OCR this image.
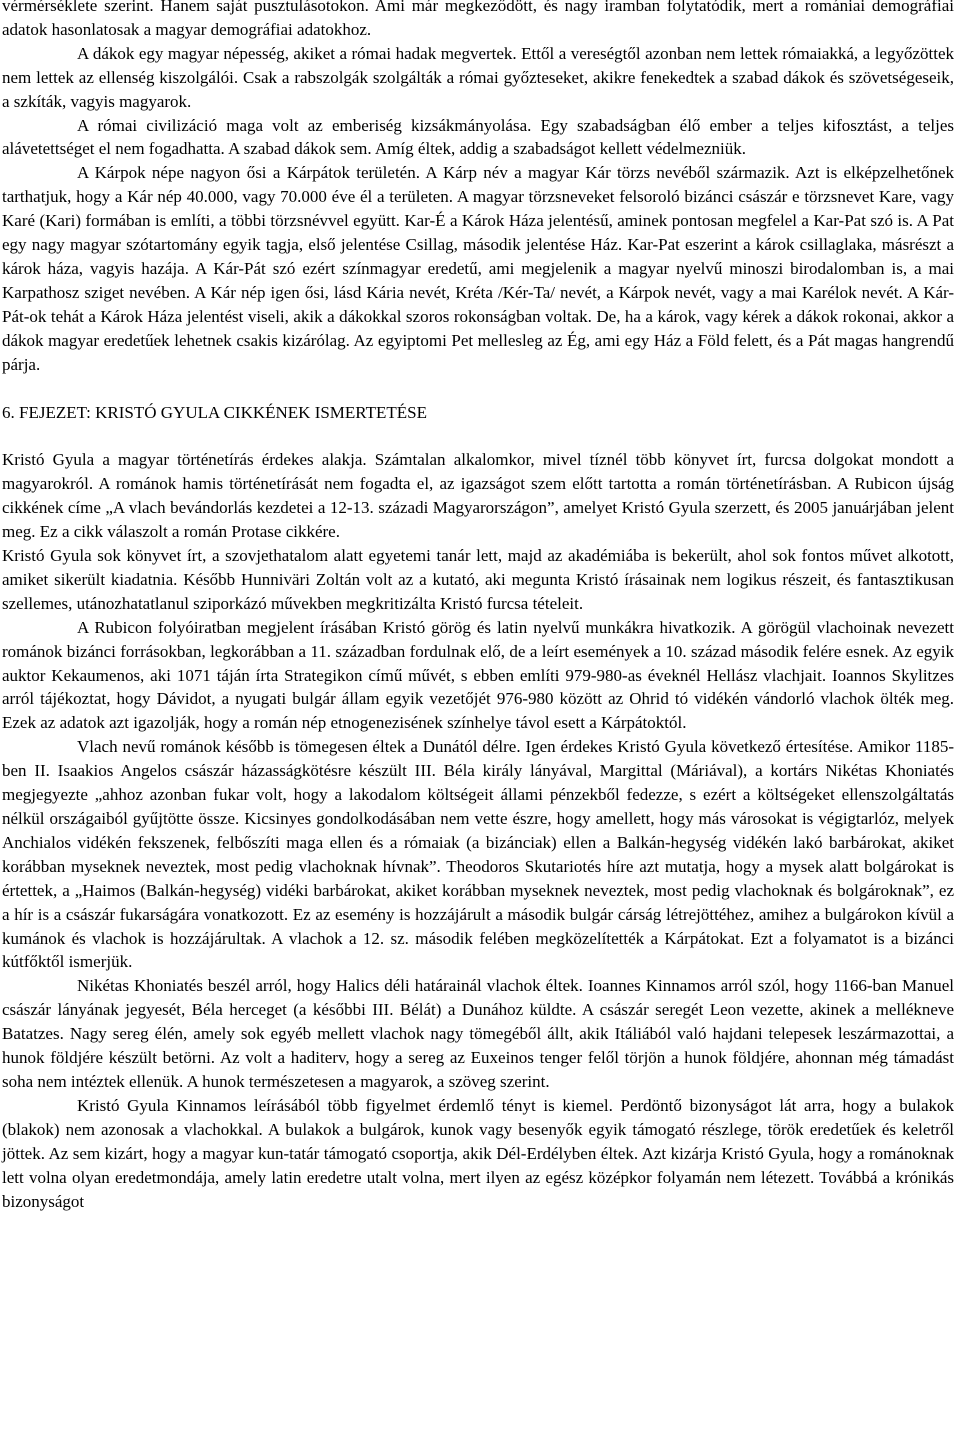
vérmérséklete szerint. Hanem saját pusztulásotokon. Ami már megkeződött, és nagy iramban folytatódik, mert a romániai demográfiai adatok hasonlatosak a magyar demográfiai adatokhoz.

A dákok egy magyar népesség, akiket a római hadak megvertek. Ettől a vereségtől azonban nem lettek rómaiakká, a legyőzöttek nem lettek az ellenség kiszolgálói. Csak a rabszolgák szolgálták a római győzteseket, akikre fenekedtek a szabad dákok és szövetségeseik, a szkíták, vagyis magyarok.

A római civilizáció maga volt az emberiség kizsákmányolása. Egy szabadságban élő ember a teljes kifosztást, a teljes alávetettséget el nem fogadhatta. A szabad dákok sem. Amíg éltek, addig a szabadságot kellett védelmezniük.

A Kárpok népe nagyon ősi a Kárpátok területén. A Kárp név a magyar Kár törzs nevéből származik. Azt is elképzelhetőnek tarthatjuk, hogy a Kár nép 40.000, vagy 70.000 éve él a területen. A magyar törzsneveket felsoroló bizánci császár e törzsnevet Kare, vagy Karé (Kari) formában is említi, a többi törzsnévvel együtt. Kar-É a Károk Háza jelentésű, aminek pontosan megfelel a Kar-Pat szó is. A Pat egy nagy magyar szótartomány egyik tagja, első jelentése Csillag, második jelentése Ház. Kar-Pat eszerint a károk csillaglaka, másrészt a károk háza, vagyis hazája. A Kár-Pát szó ezért színmagyar eredetű, ami megjelenik a magyar nyelvű minoszi birodalomban is, a mai Karpathosz sziget nevében. A Kár nép igen ősi, lásd Kária nevét, Kréta /Kér-Ta/ nevét, a Kárpok nevét, vagy a mai Karélok nevét. A Kár-Pát-ok tehát a Károk Háza jelentést viseli, akik a dákokkal szoros rokonságban voltak. De, ha a károk, vagy kérek a dákok rokonai, akkor a dákok magyar eredetűek lehetnek csakis kizárólag. Az egyiptomi Pet mellesleg az Ég, ami egy Ház a Föld felett, és a Pát magas hangrendű párja.

6. FEJEZET: KRISTÓ GYULA CIKKÉNEK ISMERTETÉSE

Kristó Gyula a magyar történetírás érdekes alakja. Számtalan alkalomkor, mivel tíznél több könyvet írt, furcsa dolgokat mondott a magyarokról. A románok hamis történetírását nem fogadta el, az igazságot szem előtt tartotta a román történetírásban. A Rubicon újság cikkének címe „A vlach bevándorlás kezdetei a 12-13. századi Magyarországon”, amelyet Kristó Gyula szerzett, és 2005 januárjában jelent meg. Ez a cikk válaszolt a román Protase cikkére.

Kristó Gyula sok könyvet írt, a szovjethatalom alatt egyetemi tanár lett, majd az akadémiába is bekerült, ahol sok fontos művet alkotott, amiket sikerült kiadatnia. Később Hunniväri Zoltán volt az a kutató, aki megunta Kristó írásainak nem logikus részeit, és fantasztikusan szellemes, utánozhatatlanul sziporkázó művekben megkritizálta Kristó furcsa tételeit.

A Rubicon folyóiratban megjelent írásában Kristó görög és latin nyelvű munkákra hivatkozik. A görögül vlachoinak nevezett románok bizánci forrásokban, legkorábban a 11. században fordulnak elő, de a leírt események a 10. század második felére esnek. Az egyik auktor Kekaumenos, aki 1071 táján írta Strategikon című művét, s ebben említi 979-980-as éveknél Hellász vlachjait. Ioannos Skylitzes arról tájékoztat, hogy Dávidot, a nyugati bulgár állam egyik vezetőjét 976-980 között az Ohrid tó vidékén vándorló vlachok ölték meg. Ezek az adatok azt igazolják, hogy a román nép etnogenezisének színhelye távol esett a Kárpátoktól.

Vlach nevű románok később is tömegesen éltek a Dunától délre. Igen érdekes Kristó Gyula következő értesítése. Amikor 1185-ben II. Isaakios Angelos császár házasságkötésre készült III. Béla király lányával, Margittal (Máriával), a kortárs Nikétas Khoniatés megjegyezte „ahhoz azonban fukar volt, hogy a lakodalom költségeit állami pénzekből fedezze, s ezért a költségeket ellenszolgáltatás nélkül országaiból gyűjtötte össze. Kicsinyes gondolkodásában nem vette észre, hogy amellett, hogy más városokat is végigtarlóz, melyek Anchialos vidékén fekszenek, felbőszíti maga ellen és a rómaiak (a bizánciak) ellen a Balkán-hegység vidékén lakó barbárokat, akiket korábban myseknek neveztek, most pedig vlachoknak hívnak”. Theodoros Skutariotés híre azt mutatja, hogy a mysek alatt bolgárokat is értettek, a „Haimos (Balkán-hegység) vidéki barbárokat, akiket korábban myseknek neveztek, most pedig vlachoknak és bolgároknak”, ez a hír is a császár fukarságára vonatkozott. Ez az esemény is hozzájárult a második bulgár cárság létrejöttéhez, amihez a bulgárokon kívül a kumánok és vlachok is hozzájárultak. A vlachok a 12. sz. második felében megközelítették a Kárpátokat. Ezt a folyamatot is a bizánci kútfőktől ismerjük.

Nikétas Khoniatés beszél arról, hogy Halics déli határainál vlachok éltek. Ioannes Kinnamos arról szól, hogy 1166-ban Manuel császár lányának jegyesét, Béla herceget (a későbbi III. Bélát) a Dunához küldte. A császár seregét Leon vezette, akinek a mellékneve Batatzes. Nagy sereg élén, amely sok egyéb mellett vlachok nagy tömegéből állt, akik Itáliából való hajdani telepesek leszármazottai, a hunok földjére készült betörni. Az volt a haditerv, hogy a sereg az Euxeinos tenger felől törjön a hunok földjére, ahonnan még támadást soha nem intéztek ellenük. A hunok természetesen a magyarok, a szöveg szerint.

Kristó Gyula Kinnamos leírásából több figyelmet érdemlő tényt is kiemel. Perdöntő bizonyságot lát arra, hogy a bulakok (blakok) nem azonosak a vlachokkal. A bulakok a bulgárok, kunok vagy besenyők egyik támogató részlege, török eredetűek és keletről jöttek. Az sem kizárt, hogy a magyar kun-tatár támogató csoportja, akik Dél-Erdélyben éltek. Azt kizárja Kristó Gyula, hogy a románoknak lett volna olyan eredetmondája, amely latin eredetre utalt volna, mert ilyen az egész középkor folyamán nem létezett. Továbbá a krónikás bizonyságot
